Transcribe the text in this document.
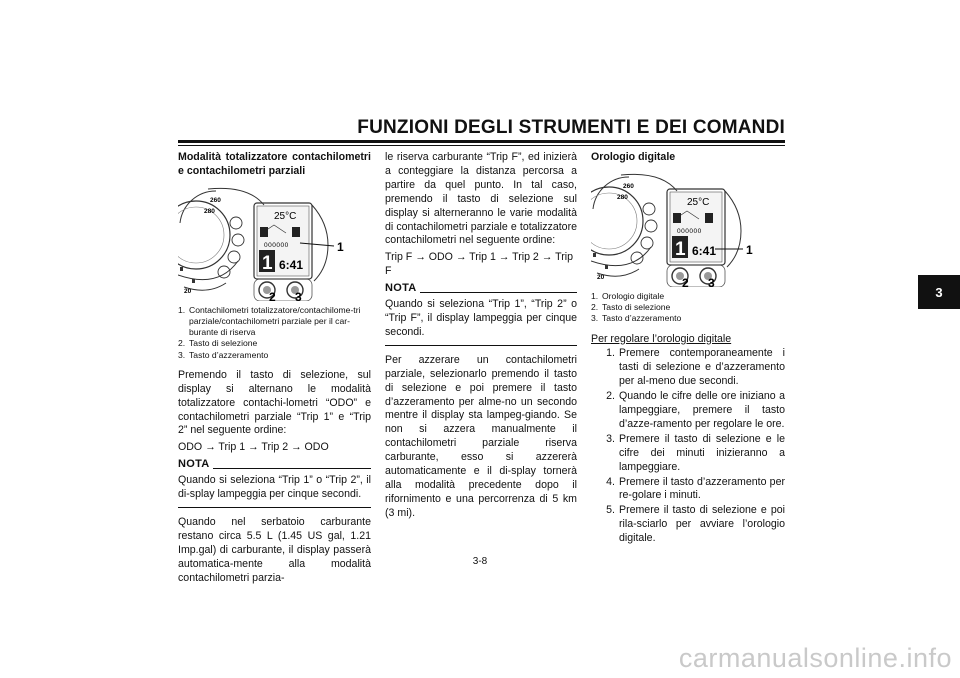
FUNZIONI DEGLI STRUMENTI E DEI COMANDI
3
Modalità totalizzatore contachilometri e contachilometri parziali
260
280
20
25°C
000000
1 6:41
1
2 3
1. Contachilometri totalizzatore/contachilome-tri parziale/contachilometri parziale per il car-burante di riserva
2. Tasto di selezione
3. Tasto d’azzeramento
Premendo il tasto di selezione, sul display si alternano le modalità totalizzatore contachi-lometri “ODO” e contachilometri parziale “Trip 1” e “Trip 2” nel seguente ordine:
ODO → Trip 1 → Trip 2 → ODO
NOTA
Quando si seleziona “Trip 1” o “Trip 2”, il di-splay lampeggia per cinque secondi.
Quando nel serbatoio carburante restano circa 5.5 L (1.45 US gal, 1.21 Imp.gal) di carburante, il display passerà automatica-mente alla modalità contachilometri parzia-
le riserva carburante “Trip F”, ed inizierà a conteggiare la distanza percorsa a partire da quel punto. In tal caso, premendo il tasto di selezione sul display si alterneranno le varie modalità di contachilometri parziale e totalizzatore contachilometri nel seguente ordine:
Trip F → ODO → Trip 1 → Trip 2 → Trip F
NOTA
Quando si seleziona “Trip 1”, “Trip 2” o “Trip F”, il display lampeggia per cinque secondi.
Per azzerare un contachilometri parziale, selezionarlo premendo il tasto di selezione e poi premere il tasto d’azzeramento per alme-no un secondo mentre il display sta lampeg-giando. Se non si azzera manualmente il contachilometri parziale riserva carburante, esso si azzererà automaticamente e il di-splay tornerà alla modalità precedente dopo il rifornimento e una percorrenza di 5 km (3 mi).
Orologio digitale
260
280
20
25°C
000000
1 6:41 1
2 3
1. Orologio digitale
2. Tasto di selezione
3. Tasto d’azzeramento
Per regolare l’orologio digitale
1. Premere contemporaneamente i tasti di selezione e d’azzeramento per al-meno due secondi.
2. Quando le cifre delle ore iniziano a lampeggiare, premere il tasto d’azze-ramento per regolare le ore.
3. Premere il tasto di selezione e le cifre dei minuti inizieranno a lampeggiare.
4. Premere il tasto d’azzeramento per re-golare i minuti.
5. Premere il tasto di selezione e poi rila-sciarlo per avviare l’orologio digitale.
3-8
carmanualsonline.info
